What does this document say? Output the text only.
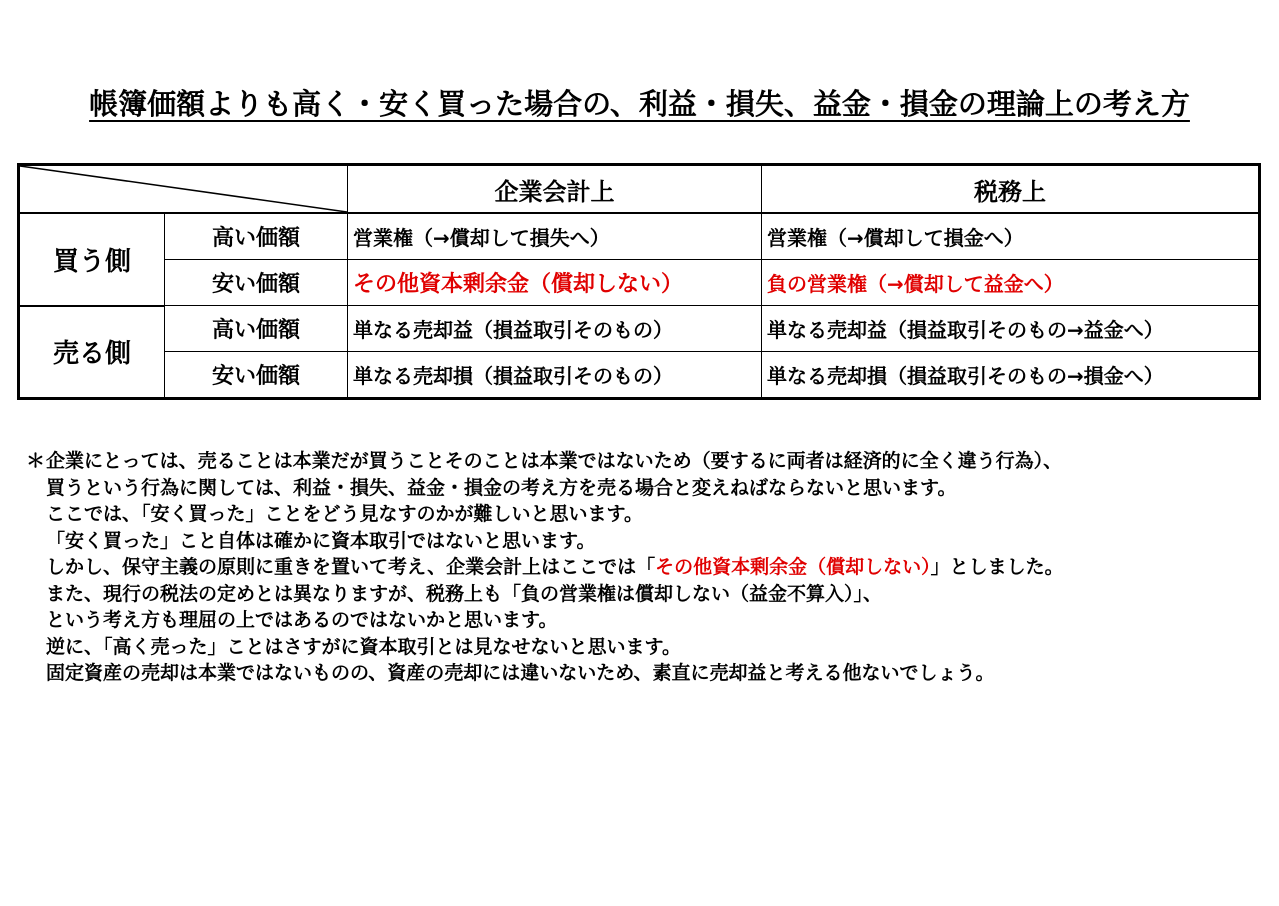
帳簿価額よりも高く・安く買った場合の、利益・損失、益金・損金の理論上の考え方
	企業会計上	税務上
買う側	高い価額	営業権（→償却して損失へ）	営業権（→償却して損金へ）
	安い価額	その他資本剰余金（償却しない）	負の営業権（→償却して益金へ）
売る側	高い価額	単なる売却益（損益取引そのもの）	単なる売却益（損益取引そのもの→益金へ）
	安い価額	単なる売却損（損益取引そのもの）	単なる売却損（損益取引そのもの→損金へ）
＊企業にとっては、売ることは本業だが買うことそのことは本業ではないため（要するに両者は経済的に全く違う行為）、
買うという行為に関しては、利益・損失、益金・損金の考え方を売る場合と変えねばならないと思います。
ここでは、「安く買った」ことをどう見なすのかが難しいと思います。
「安く買った」こと自体は確かに資本取引ではないと思います。
しかし、保守主義の原則に重きを置いて考え、企業会計上はここでは「その他資本剰余金（償却しない）」としました。
また、現行の税法の定めとは異なりますが、税務上も「負の営業権は償却しない（益金不算入）」、
という考え方も理屈の上ではあるのではないかと思います。
逆に、「高く売った」ことはさすがに資本取引とは見なせないと思います。
固定資産の売却は本業ではないものの、資産の売却には違いないため、素直に売却益と考える他ないでしょう。
